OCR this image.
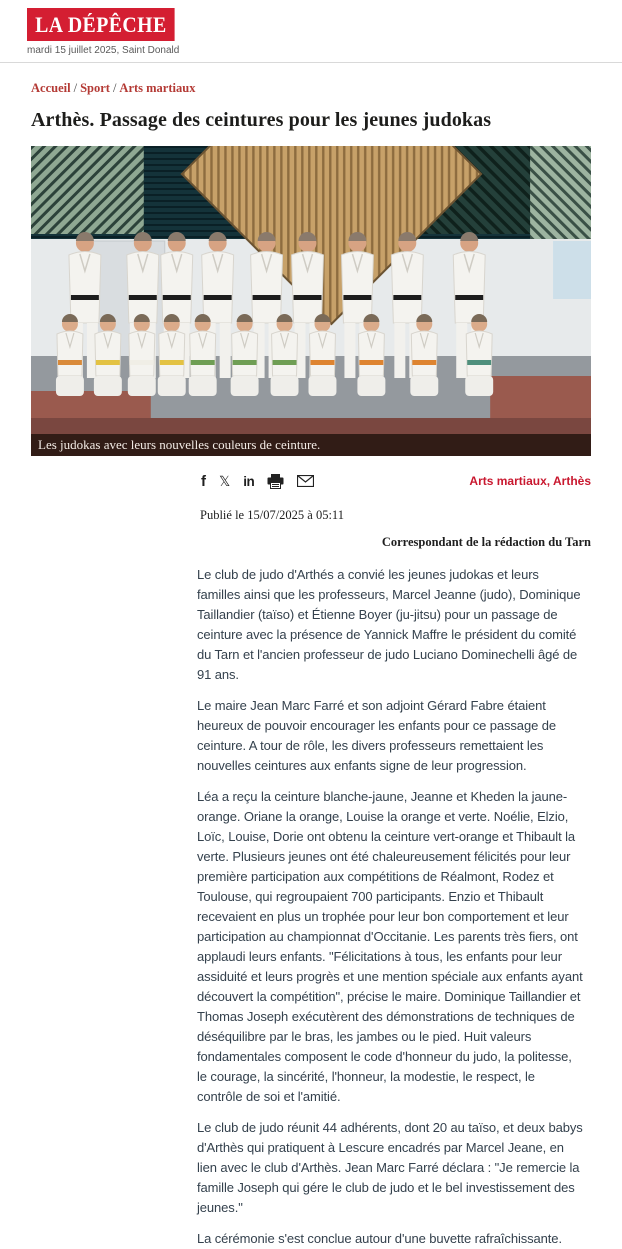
LA DÉPÊCHE
mardi 15 juillet 2025, Saint Donald
Accueil / Sport / Arts martiaux
Arthès. Passage des ceintures pour les jeunes judokas
Les judokas avec leurs nouvelles couleurs de ceinture.
f 𝕏 in	Arts martiaux, Arthès
Publié le 15/07/2025 à 05:11
Correspondant de la rédaction du Tarn

Le club de judo d'Arthés a convié les jeunes judokas et leurs familles ainsi que les professeurs, Marcel Jeanne (judo), Dominique Taillandier (taïso) et Étienne Boyer (ju-jitsu) pour un passage de ceinture avec la présence de Yannick Maffre le président du comité du Tarn et l'ancien professeur de judo Luciano Dominechelli âgé de 91 ans.

Le maire Jean Marc Farré et son adjoint Gérard Fabre étaient heureux de pouvoir encourager les enfants pour ce passage de ceinture. A tour de rôle, les divers professeurs remettaient les nouvelles ceintures aux enfants signe de leur progression.

Léa a reçu la ceinture blanche-jaune, Jeanne et Kheden la jaune-orange. Oriane la orange, Louise la orange et verte. Noélie, Elzio, Loïc, Louise, Dorie ont obtenu la ceinture vert-orange et Thibault la verte. Plusieurs jeunes ont été chaleureusement félicités pour leur première participation aux compétitions de Réalmont, Rodez et Toulouse, qui regroupaient 700 participants. Enzio et Thibault recevaient en plus un trophée pour leur bon comportement et leur participation au championnat d'Occitanie. Les parents très fiers, ont applaudi leurs enfants. "Félicitations à tous, les enfants pour leur assiduité et leurs progrès et une mention spéciale aux enfants ayant découvert la compétition", précise le maire. Dominique Taillandier et Thomas Joseph exécutèrent des démonstrations de techniques de déséquilibre par le bras, les jambes ou le pied. Huit valeurs fondamentales composent le code d'honneur du judo, la politesse, le courage, la sincérité, l'honneur, la modestie, le respect, le contrôle de soi et l'amitié.

Le club de judo réunit 44 adhérents, dont 20 au taïso, et deux babys d'Arthès qui pratiquent à Lescure encadrés par Marcel Jeane, en lien avec le club d'Arthès. Jean Marc Farré déclara : "Je remercie la famille Joseph qui gére le club de judo et le bel investissement des jeunes."

La cérémonie s'est conclue autour d'une buvette rafraîchissante.
